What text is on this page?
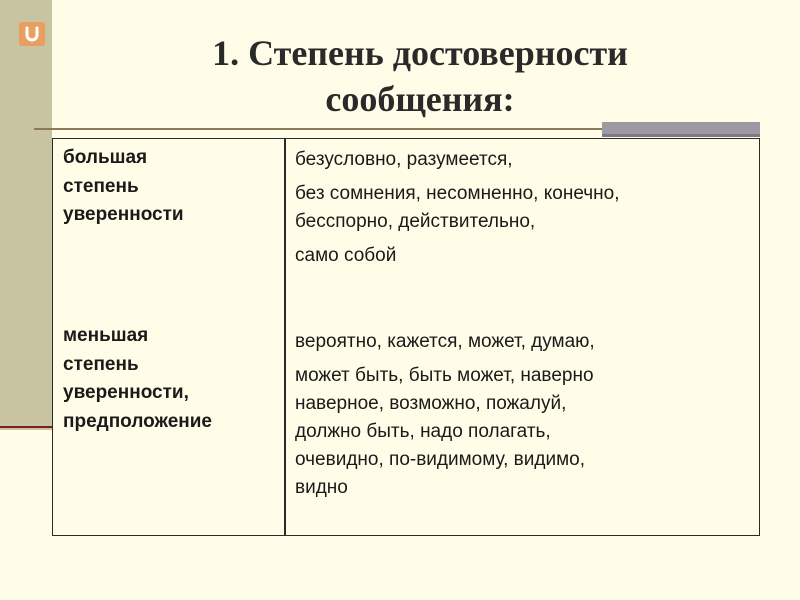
1. Степень достоверности
сообщения:
большая
степень
уверенности
безусловно, разумеется,
без сомнения, несомненно, конечно,
бесспорно, действительно,
само собой
меньшая
степень
уверенности,
предположение
вероятно, кажется, может, думаю,
может быть, быть может, наверно
наверное, возможно, пожалуй,
должно быть, надо полагать,
очевидно, по-видимому, видимо,
видно
